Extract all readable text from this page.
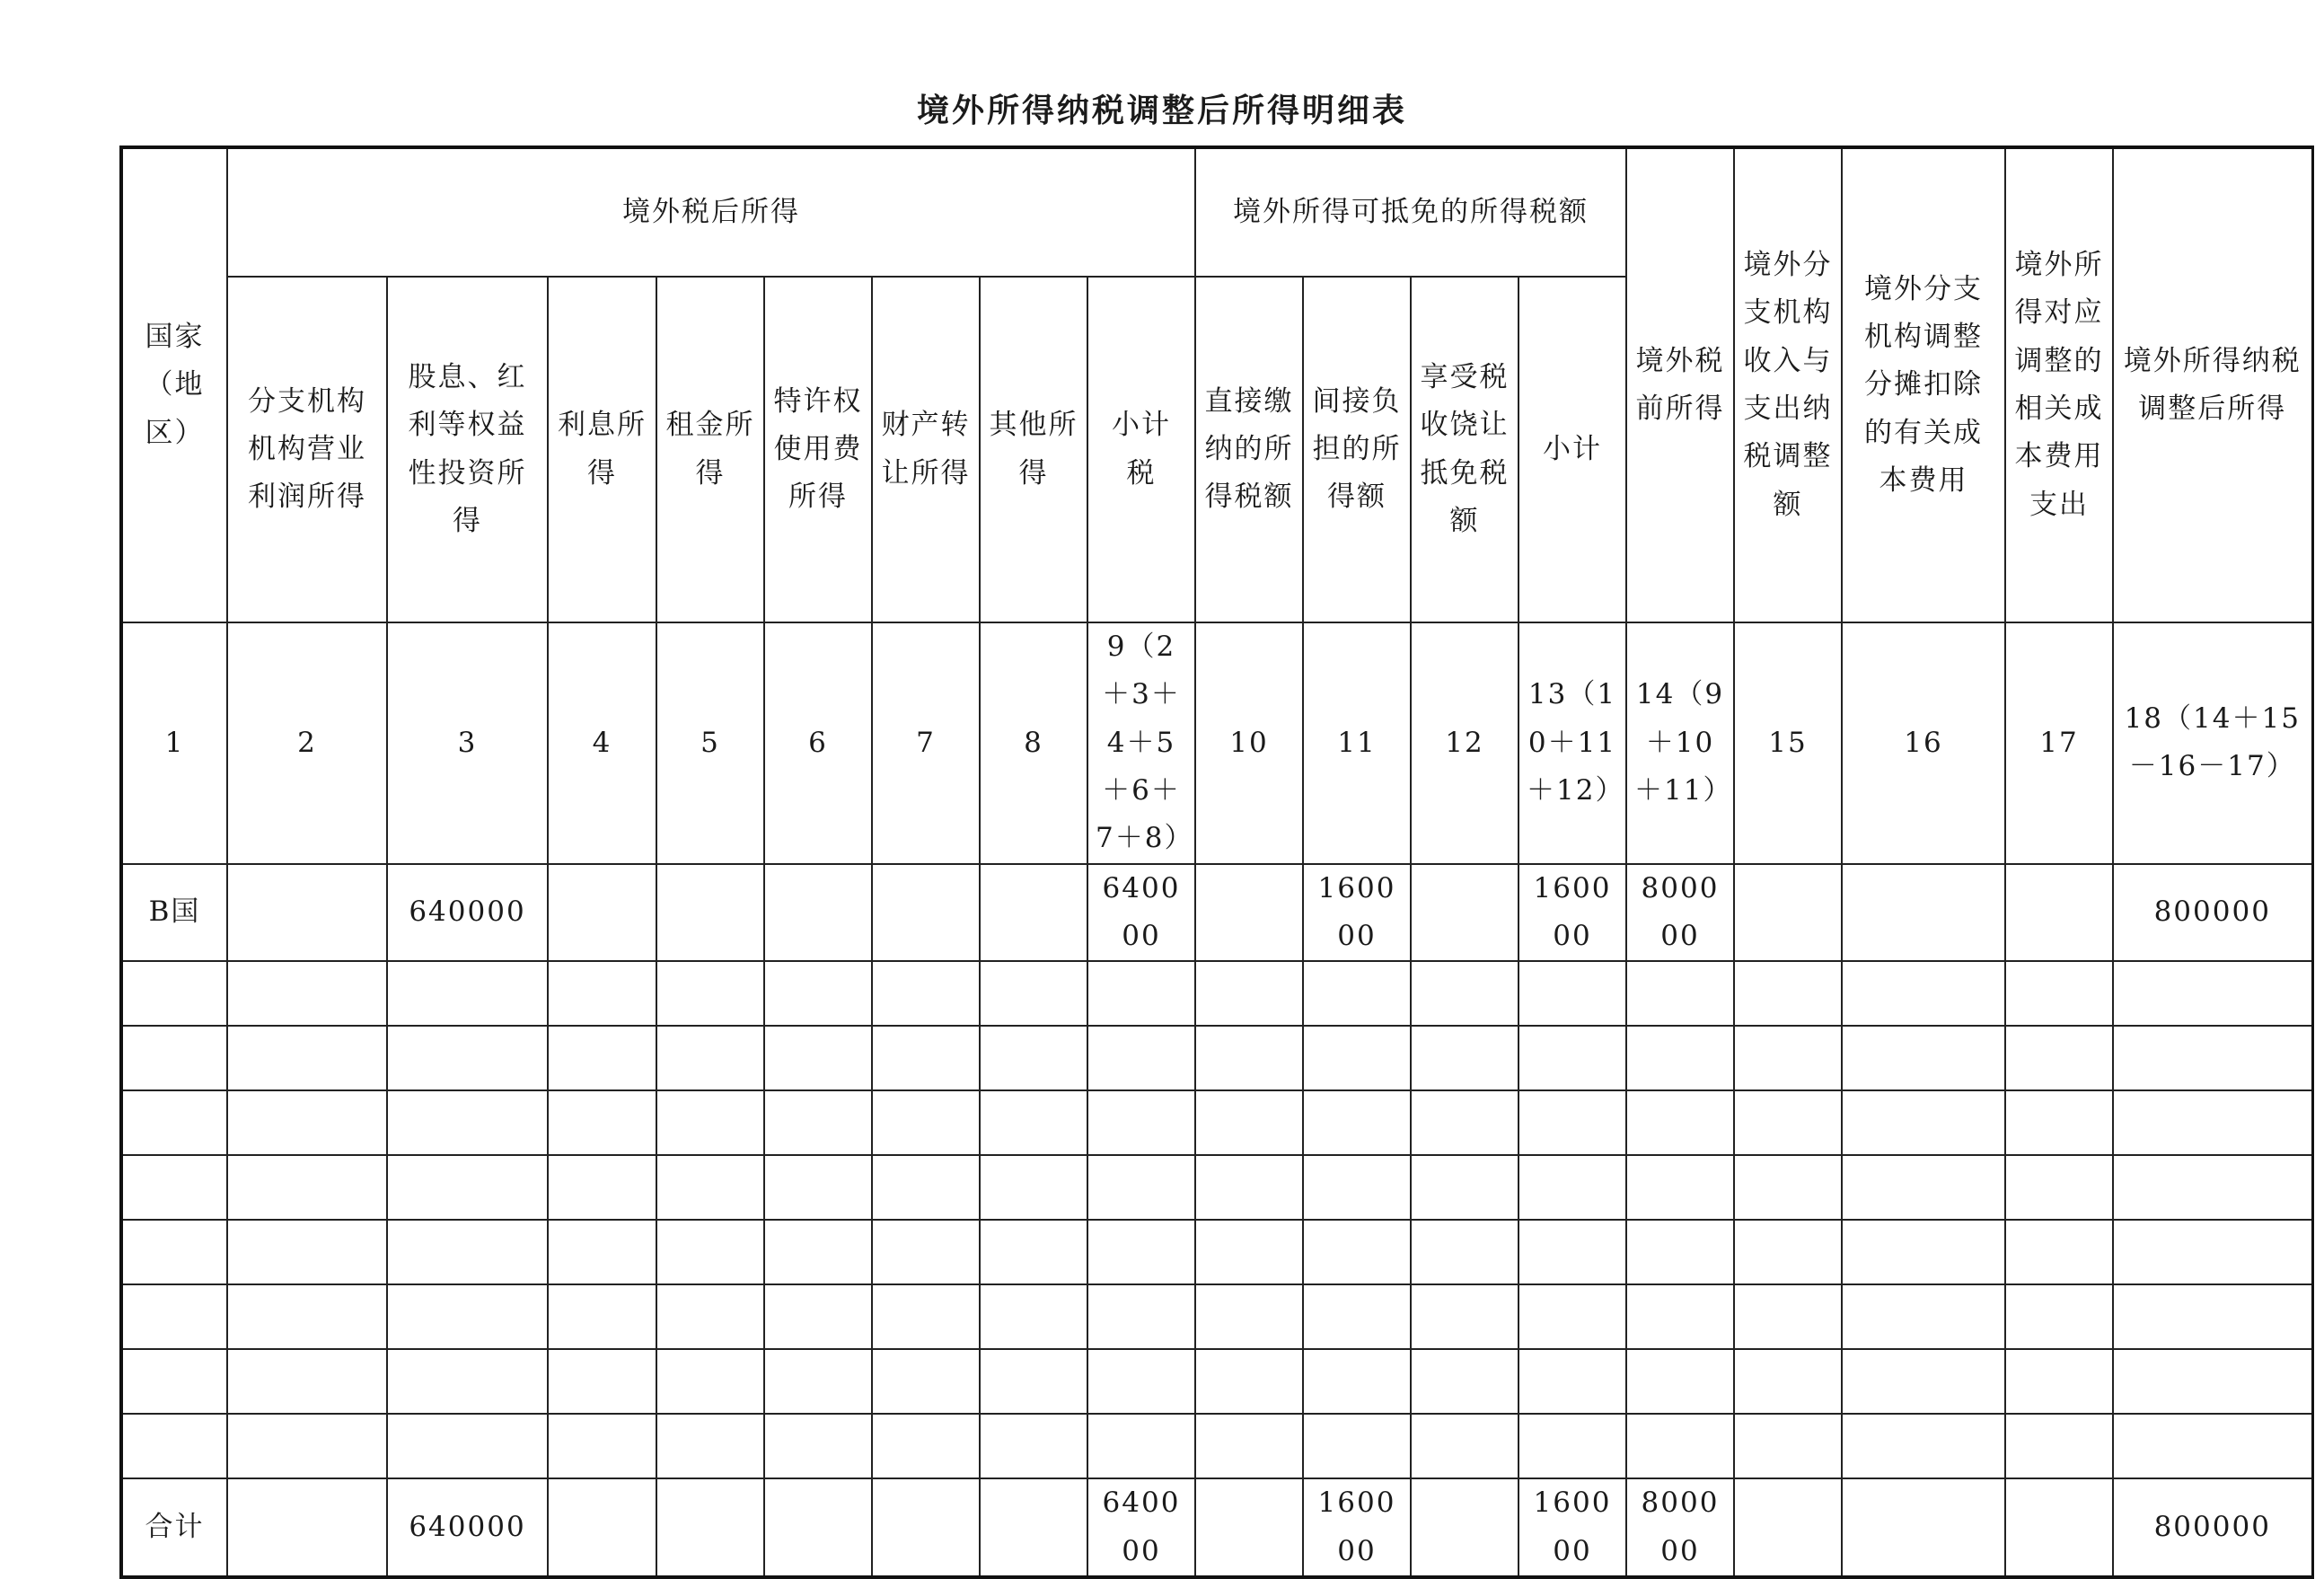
境外所得纳税调整后所得明细表
国家（地区）	境外税后所得								境外所得可抵免的所得税额				境外税前所得	境外分支机构收入与支出纳税调整额	境外分支机构调整分摊扣除的有关成本费用	境外所得对应调整的相关成本费用支出	境外所得纳税调整后所得
	分支机构机构营业利润所得	股息、红利等权益性投资所得	利息所得	租金所得	特许权使用费所得	财产转让所得	其他所得	小计　　　　税	直接缴纳的所得税额	间接负担的所得额	享受税收饶让抵免税额	小计					
1	2	3	4	5	6	7	8	9（2＋3＋4＋5＋6＋7＋8）	10	11	12	13（10＋11＋12）	14（9＋10＋11）	15	16	17	18（14＋15－16－17）
B国		640000						640000		160000		160000	800000				800000

合计		640000						640000		160000		160000	800000				800000
